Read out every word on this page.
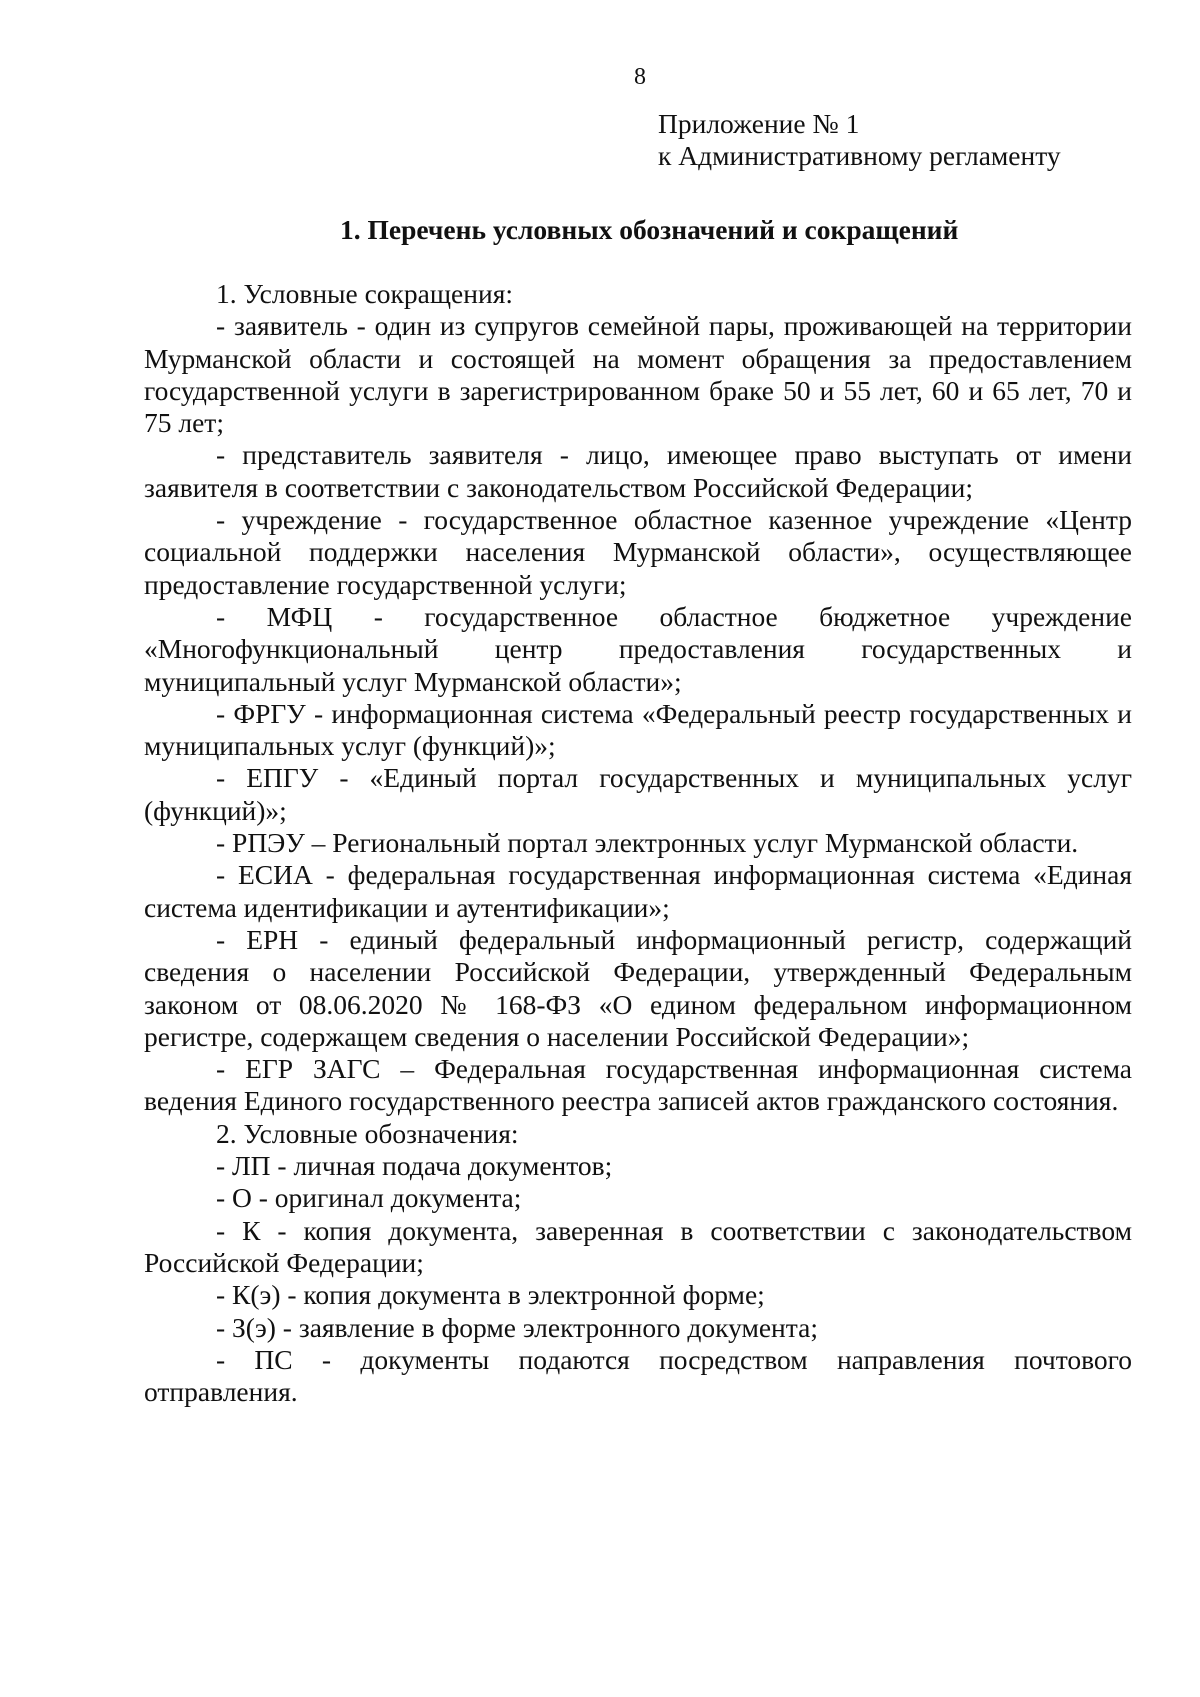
8
Приложение № 1
к Административному регламенту
1. Перечень условных обозначений и сокращений

1. Условные сокращения:

- заявитель - один из супругов семейной пары, проживающей на территории Мурманской области и состоящей на момент обращения за предоставлением государственной услуги в зарегистрированном браке 50 и 55 лет, 60 и 65 лет, 70 и 75 лет;

- представитель заявителя - лицо, имеющее право выступать от имени заявителя в соответствии с законодательством Российской Федерации;

- учреждение - государственное областное казенное учреждение «Центр социальной поддержки населения Мурманской области», осуществляющее предоставление государственной услуги;

- МФЦ - государственное областное бюджетное учреждение «Многофункциональный центр предоставления государственных и муниципальный услуг Мурманской области»;

- ФРГУ - информационная система «Федеральный реестр государственных и муниципальных услуг (функций)»;

- ЕПГУ - «Единый портал государственных и муниципальных услуг (функций)»;

- РПЭУ – Региональный портал электронных услуг Мурманской области.

- ЕСИА - федеральная государственная информационная система «Единая система идентификации и аутентификации»;

- ЕРН - единый федеральный информационный регистр, содержащий сведения о населении Российской Федерации, утвержденный Федеральным законом от 08.06.2020 № 168-ФЗ «О едином федеральном информационном регистре, содержащем сведения о населении Российской Федерации»;

- ЕГР ЗАГС – Федеральная государственная информационная система ведения Единого государственного реестра записей актов гражданского состояния.

2. Условные обозначения:

- ЛП - личная подача документов;

- О - оригинал документа;

- К - копия документа, заверенная в соответствии с законодательством Российской Федерации;

- К(э) - копия документа в электронной форме;

- З(э) - заявление в форме электронного документа;

- ПС - документы подаются посредством направления почтового отправления.
